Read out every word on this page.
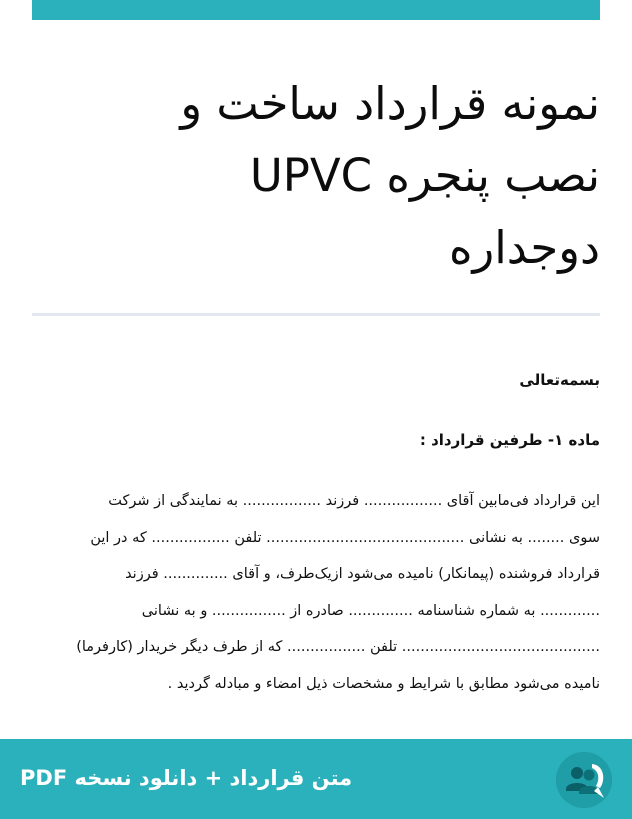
نمونه قرارداد ساخت و
نصب پنجره UPVC
دوجداره
بسمه‌تعالی
ماده ۱- طرفین قرارداد :
این قرارداد فی‌مابین آقای ................. فرزند ................. به نمایندگی از شرکت
سوی ........ به نشانی ........................................... تلفن ................. که در این
قرارداد فروشنده (پیمانکار) نامیده می‌شود ازیک‌طرف، و آقای .............. فرزند
............. به شماره شناسنامه .............. صادره از ................ و به نشانی
........................................... تلفن ................. که از طرف دیگر خریدار (کارفرما)
نامیده می‌شود مطابق با شرایط و مشخصات ذیل امضاء و مبادله گردید .
متن قرارداد + دانلود نسخه PDF
